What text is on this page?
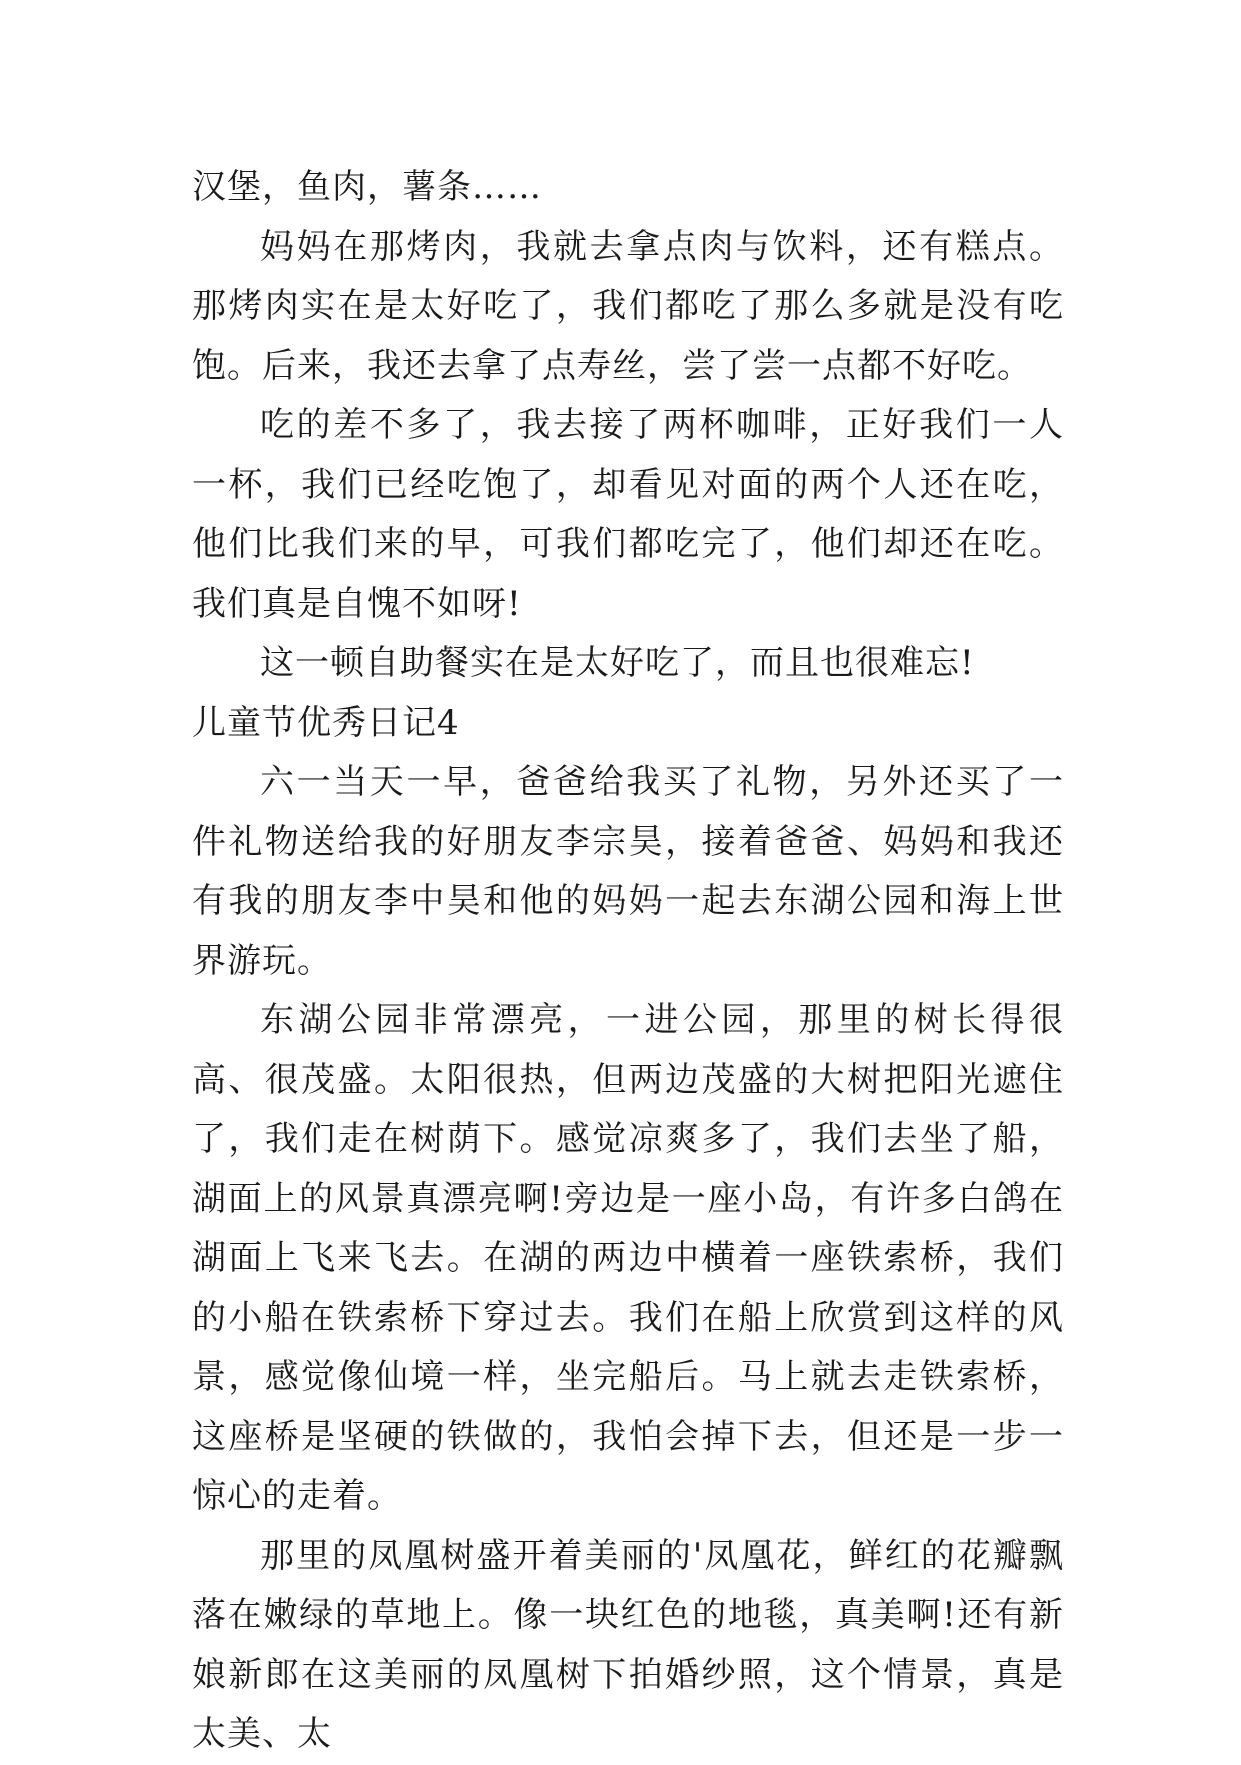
汉堡，鱼肉，薯条……

妈妈在那烤肉，我就去拿点肉与饮料，还有糕点。那烤肉实在是太好吃了，我们都吃了那么多就是没有吃饱。后来，我还去拿了点寿丝，尝了尝一点都不好吃。

吃的差不多了，我去接了两杯咖啡，正好我们一人一杯，我们已经吃饱了，却看见对面的两个人还在吃，他们比我们来的早，可我们都吃完了，他们却还在吃。我们真是自愧不如呀!

这一顿自助餐实在是太好吃了，而且也很难忘!

儿童节优秀日记4

六一当天一早，爸爸给我买了礼物，另外还买了一件礼物送给我的好朋友李宗昊，接着爸爸、妈妈和我还有我的朋友李中昊和他的妈妈一起去东湖公园和海上世界游玩。

东湖公园非常漂亮，一进公园，那里的树长得很高、很茂盛。太阳很热，但两边茂盛的大树把阳光遮住了，我们走在树荫下。感觉凉爽多了，我们去坐了船，湖面上的风景真漂亮啊!旁边是一座小岛，有许多白鸽在湖面上飞来飞去。在湖的两边中横着一座铁索桥，我们的小船在铁索桥下穿过去。我们在船上欣赏到这样的风景，感觉像仙境一样，坐完船后。马上就去走铁索桥，这座桥是坚硬的铁做的，我怕会掉下去，但还是一步一惊心的走着。

那里的凤凰树盛开着美丽的'凤凰花，鲜红的花瓣飘落在嫩绿的草地上。像一块红色的地毯，真美啊!还有新娘新郎在这美丽的凤凰树下拍婚纱照，这个情景，真是太美、太
